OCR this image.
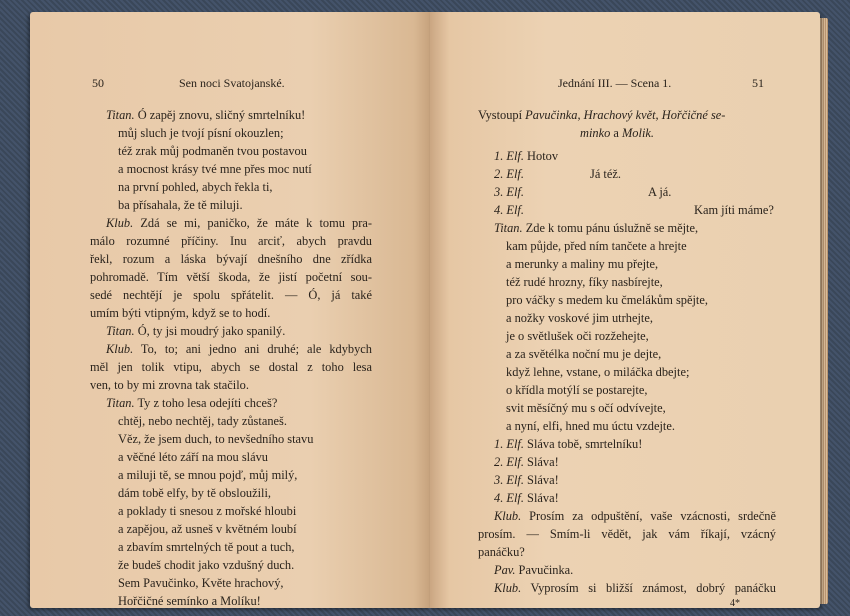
50	Sen noci Svatojanské.
Titan. Ó zapěj znovu, sličný smrtelníku!
můj sluch je tvojí písní okouzlen;
též zrak můj podmaněn tvou postavou
a mocnost krásy tvé mne přes moc nutí
na první pohled, abych řekla ti,
ba přísahala, že tě miluji.
Klub. Zdá se mi, paničko, že máte k tomu pra-
málo rozumné příčiny. Inu arciť, abych pravdu
řekl, rozum a láska bývají dnešního dne zřídka
pohromadě. Tím větší škoda, že jistí početní sou-
sedé nechtějí je spolu spřátelit. — Ó, já také
umím býti vtipným, když se to hodí.
Titan. Ó, ty jsi moudrý jako spanilý.
Klub. To, to; ani jedno ani druhé; ale kdybych
měl jen tolik vtipu, abych se dostal z toho lesa
ven, to by mi zrovna tak stačilo.
Titan. Ty z toho lesa odejíti chceš?
chtěj, nebo nechtěj, tady zůstaneš.
Věz, že jsem duch, to nevšedního stavu
a věčné léto září na mou slávu
a miluji tě, se mnou pojď, můj milý,
dám tobě elfy, by tě obsloužili,
a poklady ti snesou z mořské hloubi
a zapějou, až usneš v květném loubí
a zbavím smrtelných tě pout a tuch,
že budeš chodit jako vzdušný duch.
Sem Pavučinko, Květe hrachový,
Hořčičné semínko a Molíku!
Jednání III. — Scena 1.	51
Vystoupí Pavučinka, Hrachový květ, Hořčičné se-
minko a Molik.
1. Elf. Hotov
2. Elf.	Já též.
3. Elf.	A já.
4. Elf.	Kam jíti máme?
Titan. Zde k tomu pánu úslužně se mějte,
kam půjde, před ním tančete a hrejte
a merunky a maliny mu přejte,
též rudé hrozny, fíky nasbírejte,
pro váčky s medem ku čmelákům spějte,
a nožky voskové jim utrhejte,
je o světlušek oči rozžehejte,
a za světélka noční mu je dejte,
když lehne, vstane, o miláčka dbejte;
o křídla motýlí se postarejte,
svit měsíčný mu s očí odvívejte,
a nyní, elfi, hned mu úctu vzdejte.
1. Elf. Sláva tobě, smrtelníku!
2. Elf. Sláva!
3. Elf. Sláva!
4. Elf. Sláva!
Klub. Prosím za odpuštění, vaše vzácnosti, srdečně
prosím. — Smím-li vědět, jak vám říkají, vzácný
panáčku?
Pav. Pavučinka.
Klub. Vyprosím si bližší známost, dobrý panáčku
4*
